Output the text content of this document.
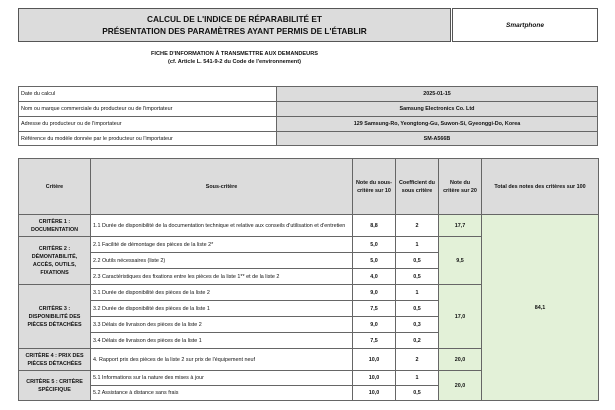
CALCUL DE L'INDICE DE RÉPARABILITÉ ET
PRÉSENTATION DES PARAMÈTRES AYANT PERMIS DE L'ÉTABLIR
Smartphone
FICHE D'INFORMATION À TRANSMETTRE AUX DEMANDEURS
(cf. Article L. 541-9-2 du Code de l'environnement)
Date du calcul	2025-01-15
Nom ou marque commerciale du producteur ou de l'importateur	Samsung Electronics Co. Ltd
Adresse du producteur ou de l'importateur	129 Samsung-Ro, Yeongtong-Gu, Suwon-Si, Gyeonggi-Do, Korea
Référence du modèle donnée par le producteur ou l'importateur	SM-A566B
Critère	Sous-critère	Note du sous-critère sur 10	Coefficient du sous critère	Note du critère sur 20	Total des notes des critères sur 100
CRITÈRE 1 : DOCUMENTATION	1.1 Durée de disponibilité de la documentation technique et relative aux conseils d'utilisation et d'entretien	8,8	2	17,7	84,1
CRITÈRE 2 : DÉMONTABILITÉ, ACCÈS, OUTILS, FIXATIONS	2.1 Facilité de démontage des pièces de la liste 2*	5,0	1	9,5	
	2.2 Outils nécessaires (liste 2)	5,0	0,5		
	2.3 Caractéristiques des fixations entre les pièces de la liste 1** et de la liste 2	4,0	0,5		
CRITÈRE 3 : DISPONIBILITÉ DES PIÈCES DÉTACHÉES	3.1 Durée de disponibilité des pièces de la liste 2	9,0	1	17,0	
	3.2 Durée de disponibilité des pièces de la liste 1	7,5	0,5		
	3.3 Délais de livraison des pièces de la liste 2	9,0	0,3		
	3.4 Délais de livraison des pièces de la liste 1	7,5	0,2		
CRITÈRE 4 : PRIX DES PIÈCES DÉTACHÉES	4. Rapport prix des pièces de la liste 2 sur prix de l'équipement neuf	10,0	2	20,0	
CRITÈRE 5 : CRITÈRE SPÉCIFIQUE	5.1 Informations sur la nature des mises à jour	10,0	1	20,0	
	5.2 Assistance à distance sans frais	10,0	0,5		
